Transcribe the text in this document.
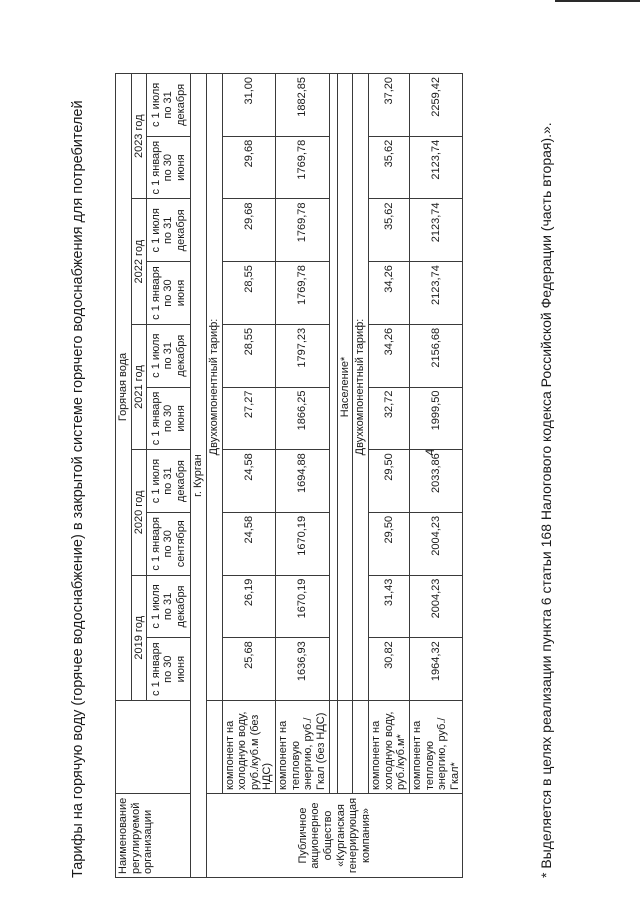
4
Тарифы на горячую воду (горячее водоснабжение) в закрытой системе горячего водоснабжения для потребителей	Наименование регулируемой организации		Горячая вода									
		2019 год		2020 год		2021 год		2022 год		2023 год	
		с 1 января по 30 июня	с 1 июля по 31 декабря	с 1 января по 30 сентября	с 1 июля по 31 декабря	с 1 января по 30 июня	с 1 июля по 31 декабря	с 1 января по 30 июня	с 1 июля по 31 декабря	с 1 января по 30 июня	с 1 июля по 31 декабря
г. Курган											
Публичное акционерное общество «Курганская генерирующая компания»		Двухкомпонентный тариф:									
	компонент на холодную воду, руб./куб.м (без НДС)	25,68	26,19	24,58	24,58	27,27	28,55	28,55	29,68	29,68	31,00
	компонент на тепловую энергию, руб./Гкал (без НДС)	1636,93	1670,19	1670,19	1694,88	1866,25	1797,23	1769,78	1769,78	1769,78	1882,85

		Население*									
		Двухкомпонентный тариф:									
	компонент на холодную воду, руб./куб.м*	30,82	31,43	29,50	29,50	32,72	34,26	34,26	35,62	35,62	37,20
	компонент на тепловую энергию, руб./Гкал*	1964,32	2004,23	2004,23	2033,86	1999,50	2156,68	2123,74	2123,74	2123,74	2259,42
* Выделяется в целях реализации пункта 6 статьи 168 Налогового кодекса Российской Федерации (часть вторая).».
